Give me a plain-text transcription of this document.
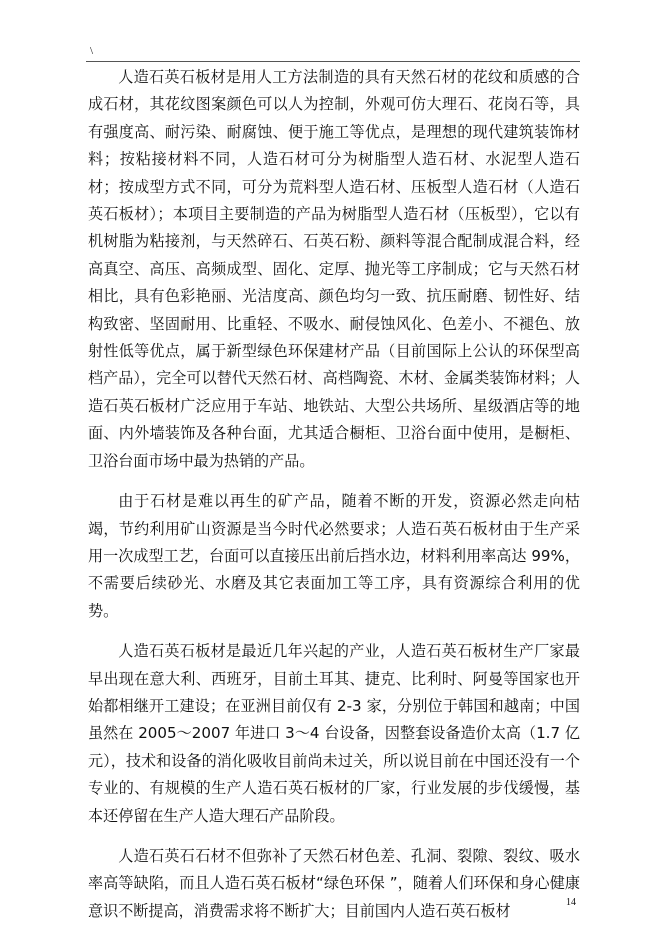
\

人造石英石板材是用人工方法制造的具有天然石材的花纹和质感的合成石材，其花纹图案颜色可以人为控制，外观可仿大理石、花岗石等，具有强度高、耐污染、耐腐蚀、便于施工等优点，是理想的现代建筑装饰材料；按粘接材料不同，人造石材可分为树脂型人造石材、水泥型人造石材；按成型方式不同，可分为荒料型人造石材、压板型人造石材（人造石英石板材）；本项目主要制造的产品为树脂型人造石材（压板型），它以有机树脂为粘接剂，与天然碎石、石英石粉、颜料等混合配制成混合料，经高真空、高压、高频成型、固化、定厚、抛光等工序制成；它与天然石材相比，具有色彩艳丽、光洁度高、颜色均匀一致、抗压耐磨、韧性好、结构致密、坚固耐用、比重轻、不吸水、耐侵蚀风化、色差小、不褪色、放射性低等优点，属于新型绿色环保建材产品（目前国际上公认的环保型高档产品），完全可以替代天然石材、高档陶瓷、木材、金属类装饰材料；人造石英石板材广泛应用于车站、地铁站、大型公共场所、星级酒店等的地面、内外墙装饰及各种台面，尤其适合橱柜、卫浴台面中使用，是橱柜、卫浴台面市场中最为热销的产品。

由于石材是难以再生的矿产品，随着不断的开发，资源必然走向枯竭，节约利用矿山资源是当今时代必然要求；人造石英石板材由于生产采用一次成型工艺，台面可以直接压出前后挡水边，材料利用率高达 99%，不需要后续砂光、水磨及其它表面加工等工序，具有资源综合利用的优势。

人造石英石板材是最近几年兴起的产业，人造石英石板材生产厂家最早出现在意大利、西班牙，目前土耳其、捷克、比利时、阿曼等国家也开始都相继开工建设；在亚洲目前仅有 2-3 家，分别位于韩国和越南；中国虽然在 2005～2007 年进口 3～4 台设备，因整套设备造价太高（1.7 亿元），技术和设备的消化吸收目前尚未过关，所以说目前在中国还没有一个专业的、有规模的生产人造石英石板材的厂家，行业发展的步伐缓慢，基本还停留在生产人造大理石产品阶段。

人造石英石石材不但弥补了天然石材色差、孔洞、裂隙、裂纹、吸水率高等缺陷，而且人造石英石板材“绿色环保 ”，随着人们环保和身心健康意识不断提高，消费需求将不断扩大；目前国内人造石英石板材	14
